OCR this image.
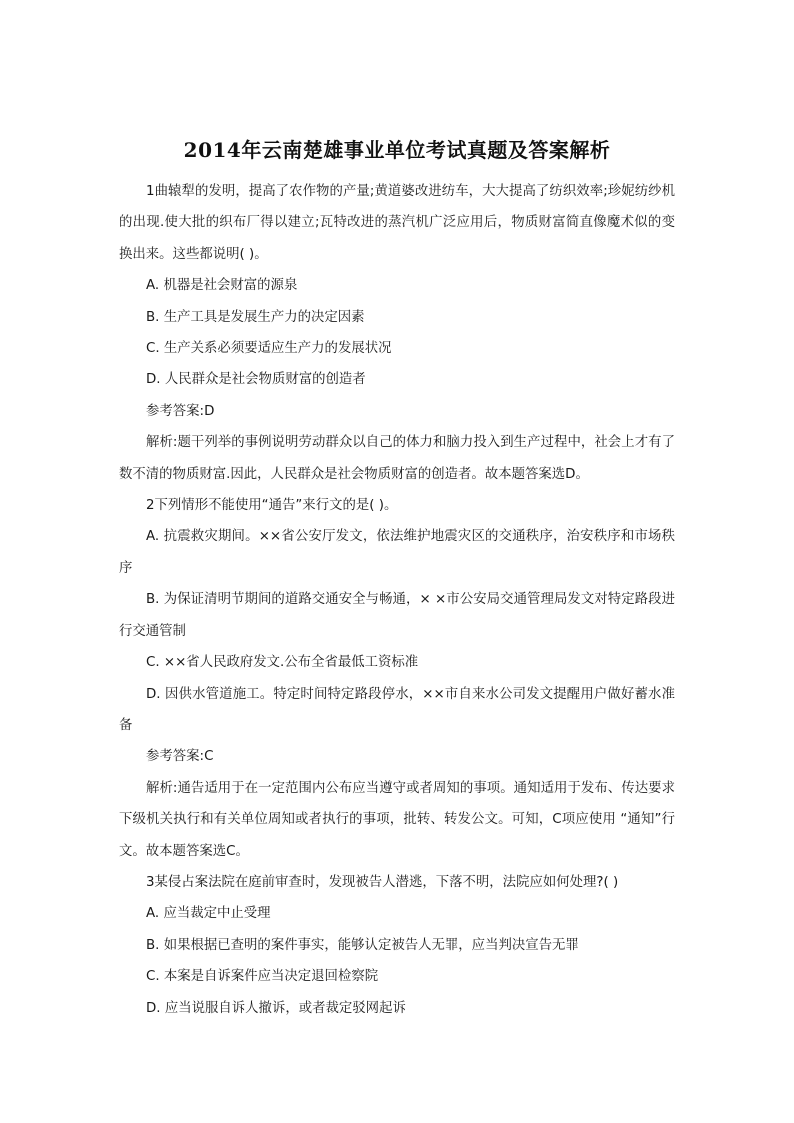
2014年云南楚雄事业单位考试真题及答案解析

1曲辕犁的发明，提高了农作物的产量;黄道婆改进纺车，大大提高了纺织效率;珍妮纺纱机的出现.使大批的织布厂得以建立;瓦特改进的蒸汽机广泛应用后，物质财富简直像魔术似的变换出来。这些都说明( )。

A. 机器是社会财富的源泉

B. 生产工具是发展生产力的决定因素

C. 生产关系必须要适应生产力的发展状况

D. 人民群众是社会物质财富的创造者

参考答案:D

解析:题干列举的事例说明劳动群众以自己的体力和脑力投入到生产过程中，社会上才有了数不清的物质财富.因此，人民群众是社会物质财富的创造者。故本题答案选D。

2下列情形不能使用“通告”来行文的是( )。

A. 抗震救灾期间。××省公安厅发文，依法维护地震灾区的交通秩序，治安秩序和市场秩序

B. 为保证清明节期间的道路交通安全与畅通，× ×市公安局交通管理局发文对特定路段进行交通管制

C. ××省人民政府发文.公布全省最低工资标准

D. 因供水管道施工。特定时间特定路段停水，××市自来水公司发文提醒用户做好蓄水准备

参考答案:C

解析:通告适用于在一定范围内公布应当遵守或者周知的事项。通知适用于发布、传达要求下级机关执行和有关单位周知或者执行的事项，批转、转发公文。可知，C项应使用 “通知”行文。故本题答案选C。

3某侵占案法院在庭前审查时，发现被告人潜逃，下落不明，法院应如何处理?( )

A. 应当裁定中止受理

B. 如果根据已查明的案件事实，能够认定被告人无罪，应当判决宣告无罪

C. 本案是自诉案件应当决定退回检察院

D. 应当说服自诉人撤诉，或者裁定驳网起诉
